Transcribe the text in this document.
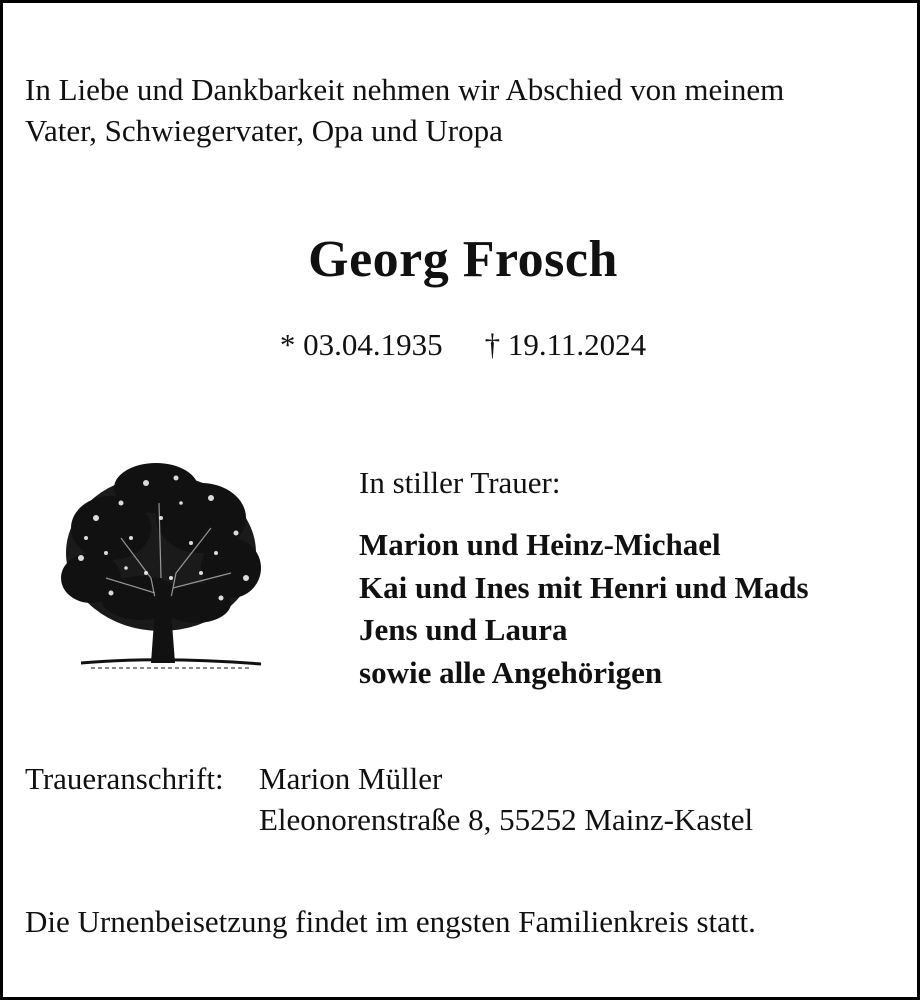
In Liebe und Dankbarkeit nehmen wir Abschied von meinem
Vater, Schwiegervater, Opa und Uropa
Georg Frosch
* 03.04.1935 † 19.11.2024
In stiller Trauer:
Marion und Heinz-Michael
Kai und Ines mit Henri und Mads
Jens und Laura
sowie alle Angehörigen
Traueranschrift: Marion Müller
Eleonorenstraße 8, 55252 Mainz-Kastel
Die Urnenbeisetzung findet im engsten Familienkreis statt.
